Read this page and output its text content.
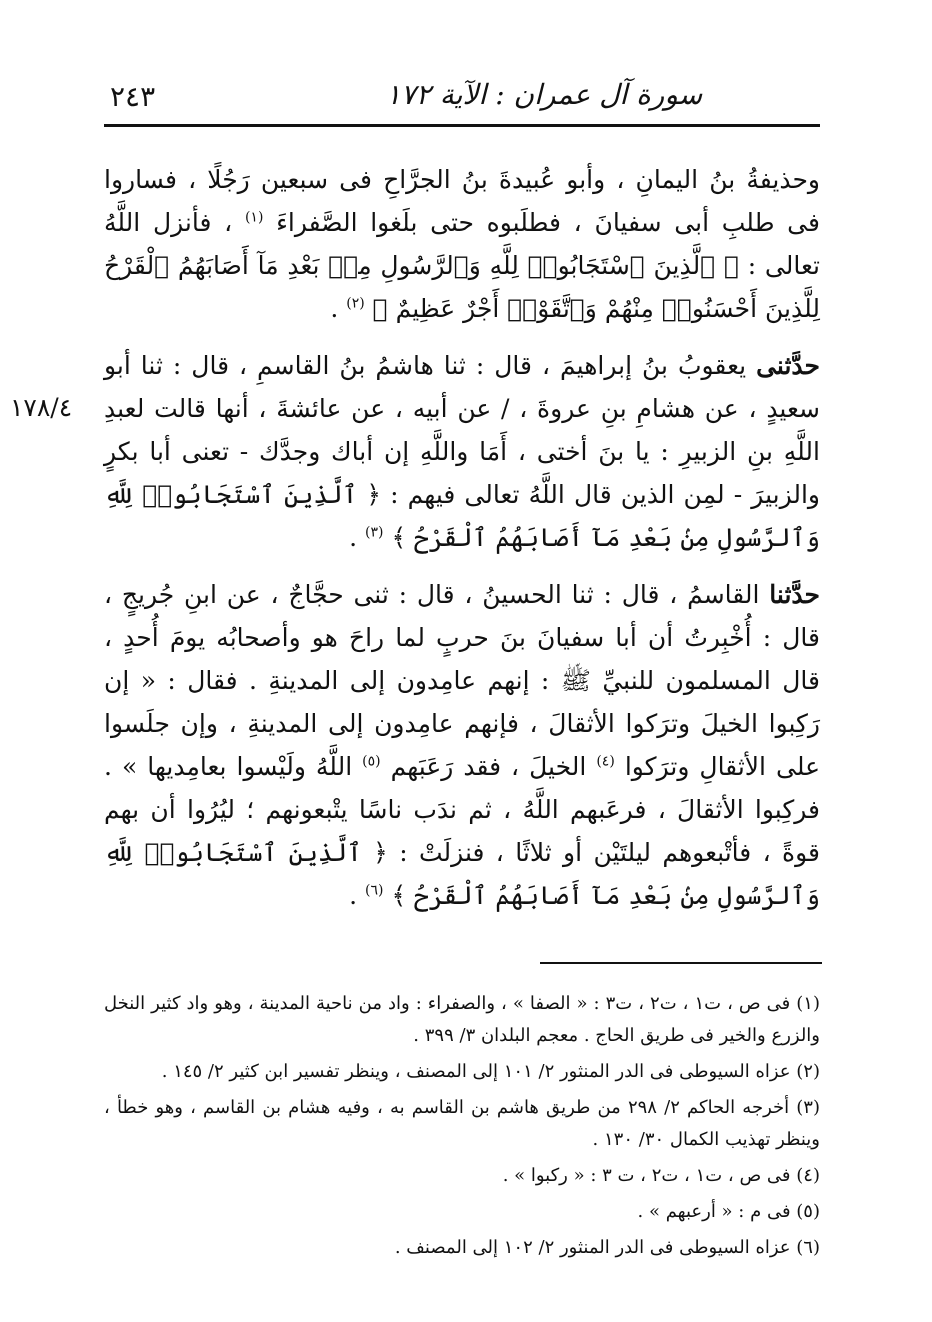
٢٤٣	سورة آل عمران : الآية ١٧٢
١٧٨/٤

وحذيفةُ بنُ اليمانِ ، وأبو عُبيدةَ بنُ الجرَّاحِ فى سبعين رَجُلًا ، فساروا فى طلبِ أبى سفيانَ ، فطلَبوه حتى بلَغوا الصَّفراءَ $^{(١)}$ ، فأنزل اللَّهُ تعالى : ﴿ ٱلَّذِينَ ٱسْتَجَابُوا۟ لِلَّهِ وَٱلرَّسُولِ مِنۢ بَعْدِ مَآ أَصَابَهُمُ ٱلْقَرْحُ لِلَّذِينَ أَحْسَنُوا۟ مِنْهُمْ وَٱتَّقَوْا۟ أَجْرٌ عَظِيمٌ ﴾ $^{(٢)}$ .

حدَّثنى يعقوبُ بنُ إبراهيمَ ، قال : ثنا هاشمُ بنُ القاسمِ ، قال : ثنا أبو سعيدٍ ، عن هشامِ بنِ عروةَ ، / عن أبيه ، عن عائشةَ ، أنها قالت لعبدِ اللَّهِ بنِ الزبيرِ : يا بنَ أختى ، أَمَا واللَّهِ إن أباك وجدَّك - تعنى أبا بكرٍ والزبيرَ - لمِن الذين قال اللَّهُ تعالى فيهم : ﴿ ٱلَّذِينَ ٱسْتَجَابُوا۟ لِلَّهِ وَٱلرَّسُولِ مِنۢ بَعْدِ مَآ أَصَابَهُمُ ٱلْقَرْحُ ﴾ $^{(٣)}$ .

حدَّثنا القاسمُ ، قال : ثنا الحسينُ ، قال : ثنى حجَّاجٌ ، عن ابنِ جُريجٍ ، قال : أُخْبِرتُ أن أبا سفيانَ بنَ حربٍ لما راحَ هو وأصحابُه يومَ أُحدٍ ، قال المسلمون للنبيِّ ﷺ : إنهم عامِدون إلى المدينةِ . فقال : « إن رَكِبوا الخيلَ وترَكوا الأثقالَ ، فإنهم عامِدون إلى المدينةِ ، وإن جلَسوا على الأثقالِ وترَكوا $^{(٤)}$ الخيلَ ، فقد رَعَبَهم $^{(٥)}$ اللَّهُ ولَيْسوا بعامِديها » . فركِبوا الأثقالَ ، فرعَبهم اللَّهُ ، ثم ندَب ناسًا يتْبعونهم ؛ ليُرُوا أن بهم قوةً ، فأتْبعوهم ليلتَيْن أو ثلاثًا ، فنزلَتْ : ﴿ ٱلَّذِينَ ٱسْتَجَابُوا۟ لِلَّهِ وَٱلرَّسُولِ مِنۢ بَعْدِ مَآ أَصَابَهُمُ ٱلْقَرْحُ ﴾ $^{(٦)}$ .

(١) فى ص ، ت١ ، ت٢ ، ت٣ : « الصفا » ، والصفراء : واد من ناحية المدينة ، وهو واد كثير النخل والزرع والخير فى طريق الحاج . معجم البلدان ٣/ ٣٩٩ .

(٢) عزاه السيوطى فى الدر المنثور ٢/ ١٠١ إلى المصنف ، وينظر تفسير ابن كثير ٢/ ١٤٥ .

(٣) أخرجه الحاكم ٢/ ٢٩٨ من طريق هاشم بن القاسم به ، وفيه هشام بن القاسم ، وهو خطأ ، وينظر تهذيب الكمال ٣٠/ ١٣٠ .

(٤) فى ص ، ت١ ، ت٢ ، ت ٣ : « ركبوا » .

(٥) فى م : « أرعبهم » .

(٦) عزاه السيوطى فى الدر المنثور ٢/ ١٠٢ إلى المصنف .
